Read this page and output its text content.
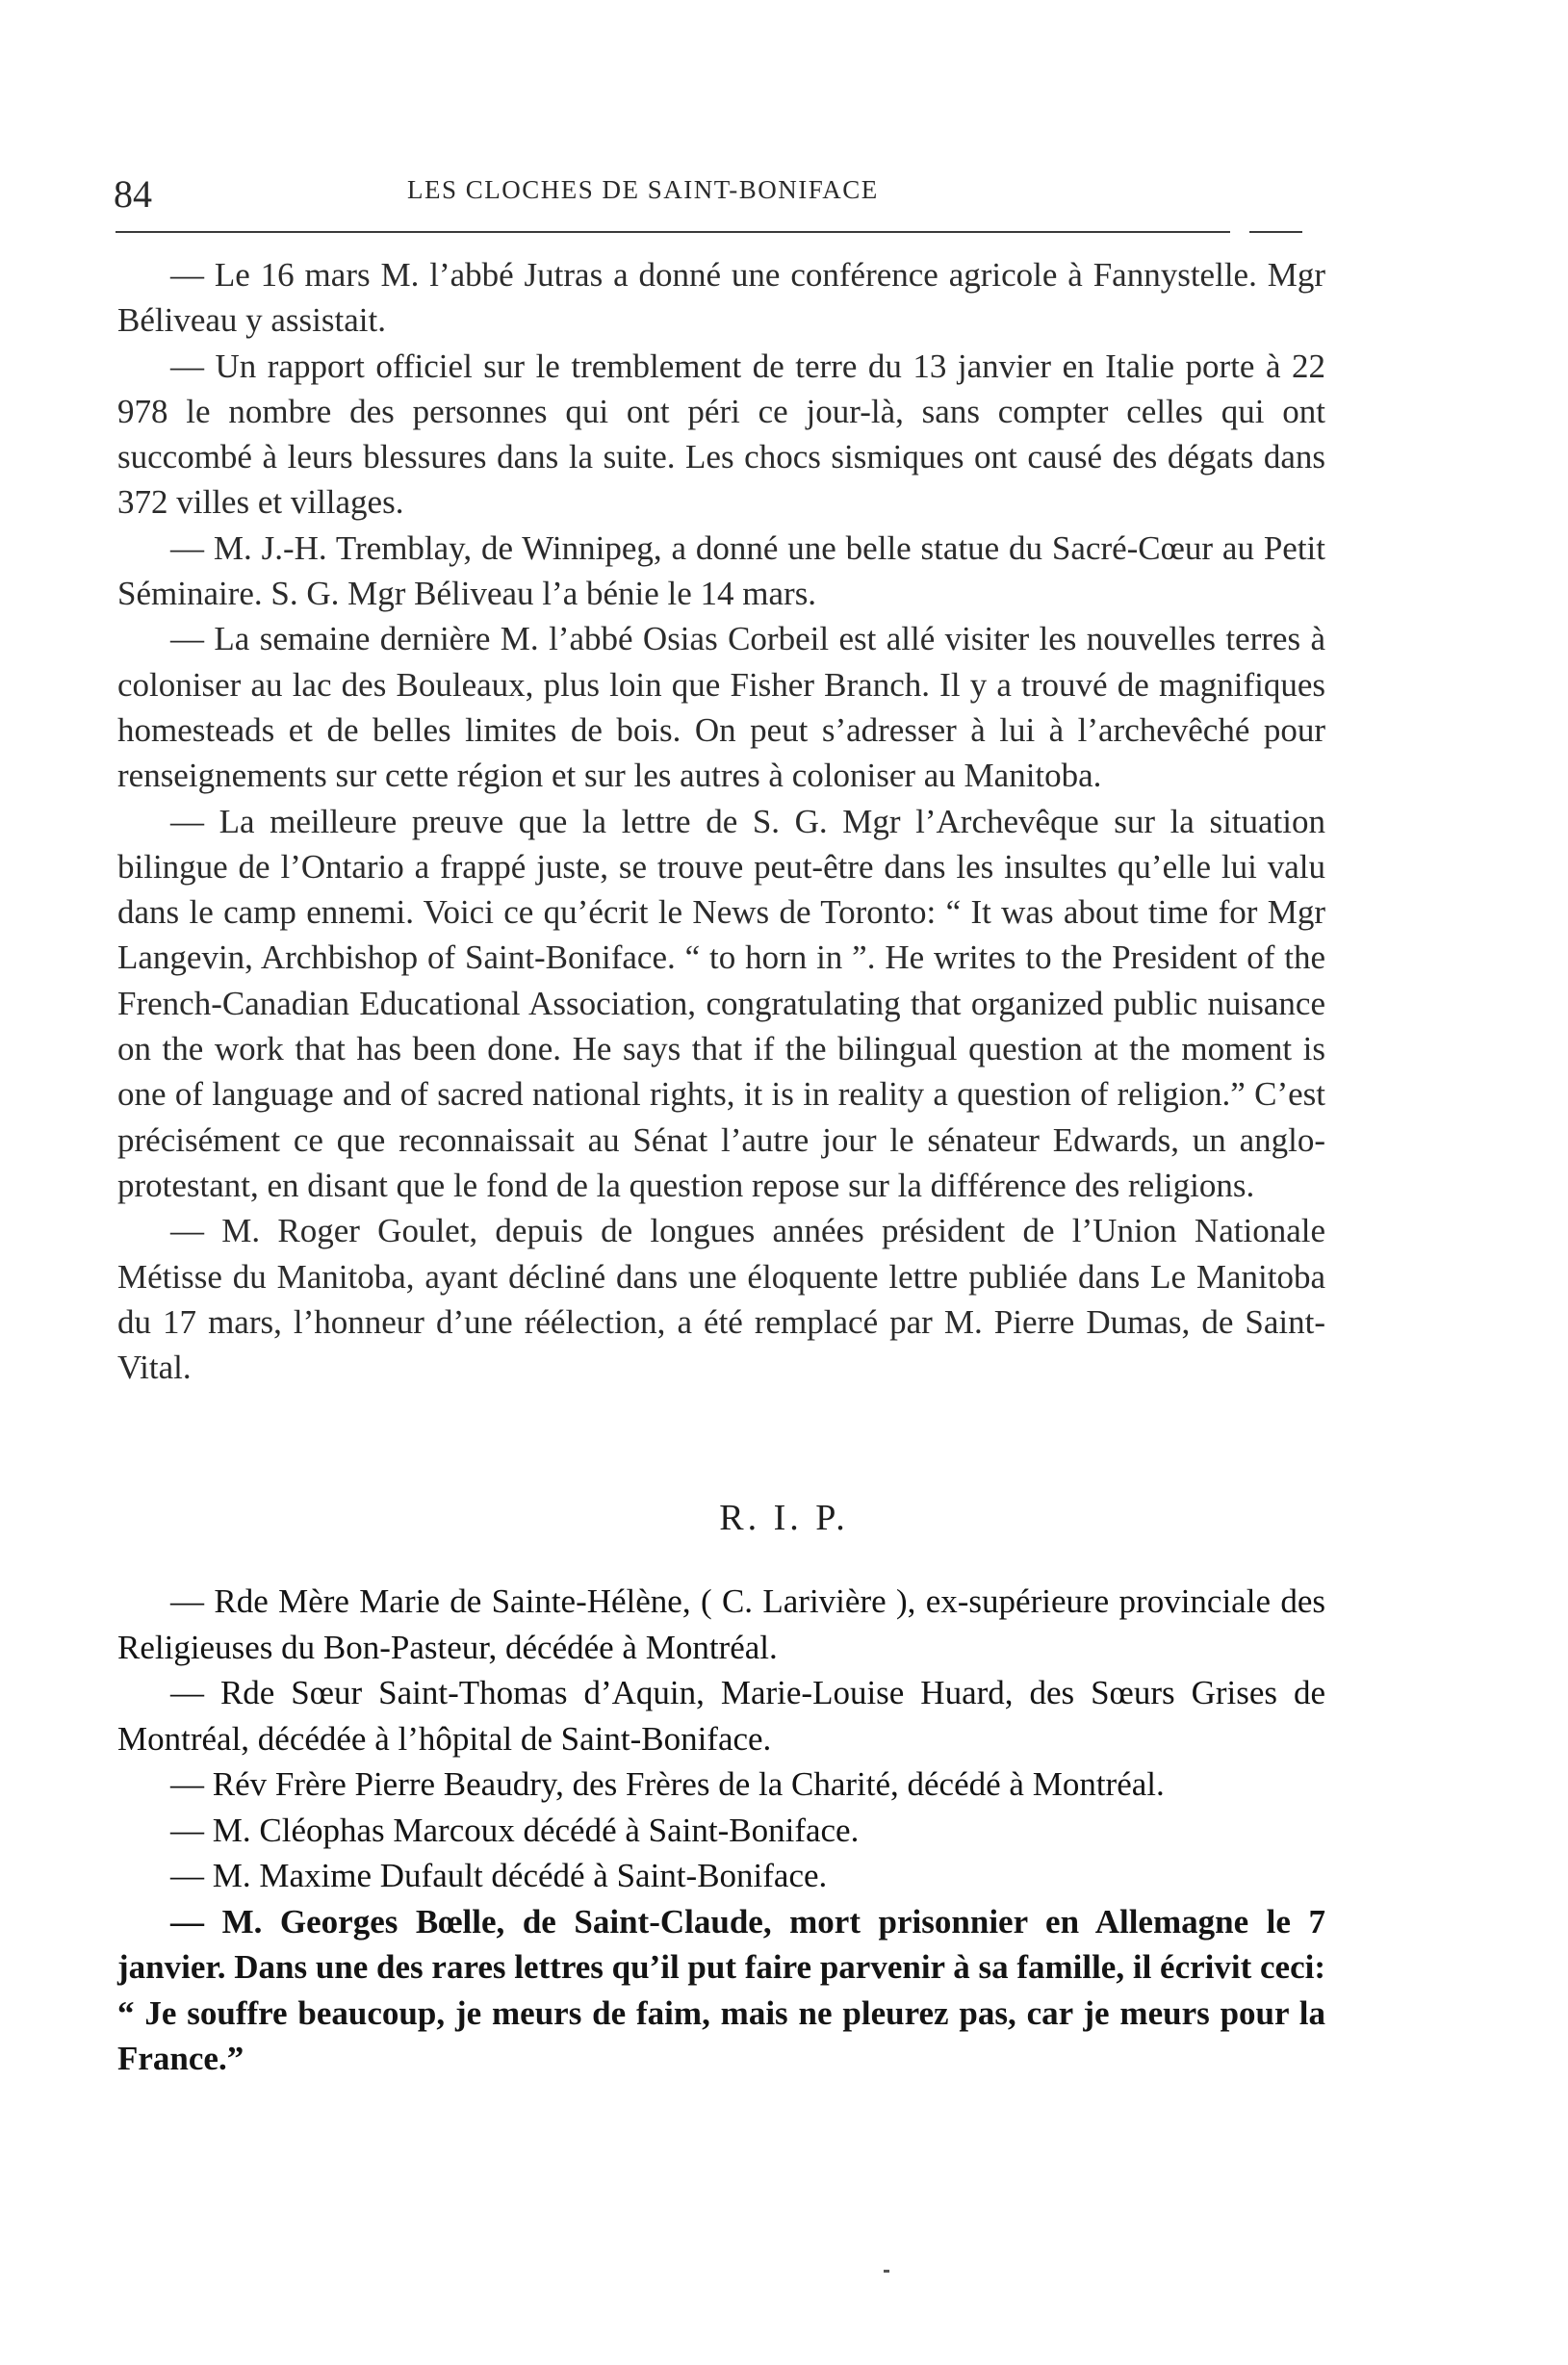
84	LES CLOCHES DE SAINT-BONIFACE

— Le 16 mars M. l’abbé Jutras a donné une conférence agricole à Fannystelle. Mgr Béliveau y assistait.

— Un rapport officiel sur le tremblement de terre du 13 janvier en Italie porte à 22 978 le nombre des personnes qui ont péri ce jour-là, sans compter celles qui ont succombé à leurs blessures dans la suite. Les chocs sismiques ont causé des dégats dans 372 villes et villages.

— M. J.-H. Tremblay, de Winnipeg, a donné une belle statue du Sacré-Cœur au Petit Séminaire. S. G. Mgr Béliveau l’a bénie le 14 mars.

— La semaine dernière M. l’abbé Osias Corbeil est allé visiter les nouvelles terres à coloniser au lac des Bouleaux, plus loin que Fisher Branch. Il y a trouvé de magnifiques homesteads et de belles limites de bois. On peut s’adresser à lui à l’archevêché pour renseignements sur cette région et sur les autres à coloniser au Manitoba.

— La meilleure preuve que la lettre de S. G. Mgr l’Archevêque sur la situation bilingue de l’Ontario a frappé juste, se trouve peut-être dans les insultes qu’elle lui valu dans le camp ennemi. Voici ce qu’écrit le News de Toronto: “ It was about time for Mgr Langevin, Archbishop of Saint-Boniface. “ to horn in ”. He writes to the President of the French-Canadian Educational Association, congratulating that organized public nuisance on the work that has been done. He says that if the bilingual question at the moment is one of language and of sacred national rights, it is in reality a question of religion.” C’est précisément ce que reconnaissait au Sénat l’autre jour le sénateur Edwards, un anglo-protestant, en disant que le fond de la question repose sur la différence des religions.

— M. Roger Goulet, depuis de longues années président de l’Union Nationale Métisse du Manitoba, ayant décliné dans une éloquente lettre publiée dans Le Manitoba du 17 mars, l’honneur d’une réélection, a été remplacé par M. Pierre Dumas, de Saint-Vital.

R. I. P.

— Rde Mère Marie de Sainte-Hélène, ( C. Larivière ), ex-supérieure provinciale des Religieuses du Bon-Pasteur, décédée à Montréal.

— Rde Sœur Saint-Thomas d’Aquin, Marie-Louise Huard, des Sœurs Grises de Montréal, décédée à l’hôpital de Saint-Boniface.

— Rév Frère Pierre Beaudry, des Frères de la Charité, décédé à Montréal.

— M. Cléophas Marcoux décédé à Saint-Boniface.

— M. Maxime Dufault décédé à Saint-Boniface.

— M. Georges Bœlle, de Saint-Claude, mort prisonnier en Allemagne le 7 janvier. Dans une des rares lettres qu’il put faire parvenir à sa famille, il écrivit ceci: “ Je souffre beaucoup, je meurs de faim, mais ne pleurez pas, car je meurs pour la France.”
